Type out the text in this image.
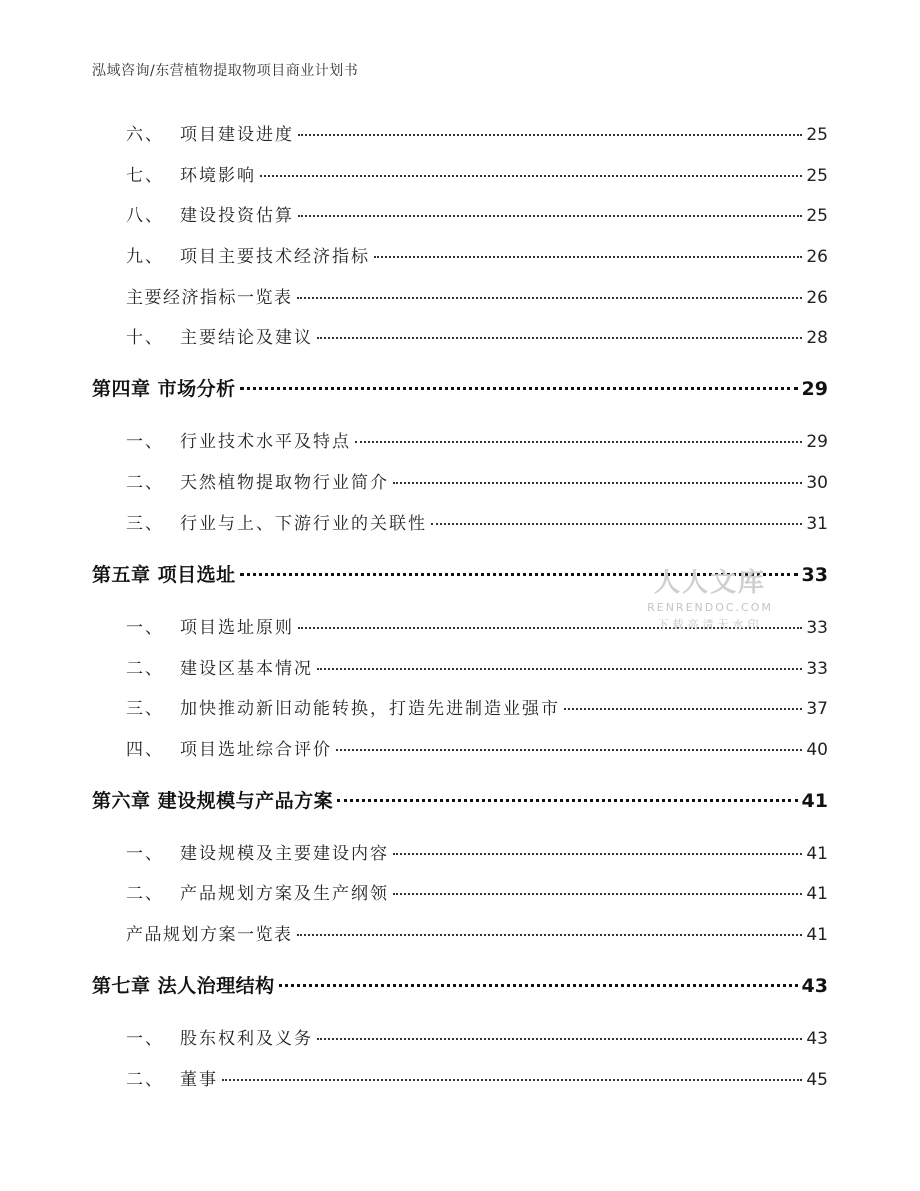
泓域咨询/东营植物提取物项目商业计划书
六、 项目建设进度	25
七、 环境影响	25
八、 建设投资估算	25
九、 项目主要技术经济指标	26
主要经济指标一览表	26
十、 主要结论及建议	28
第四章 市场分析	29
一、 行业技术水平及特点	29
二、 天然植物提取物行业简介	30
三、 行业与上、下游行业的关联性	31
第五章 项目选址	33
一、 项目选址原则	33
二、 建设区基本情况	33
三、 加快推动新旧动能转换，打造先进制造业强市	37
四、 项目选址综合评价	40
第六章 建设规模与产品方案	41
一、 建设规模及主要建设内容	41
二、 产品规划方案及生产纲领	41
产品规划方案一览表	41
第七章 法人治理结构	43
一、 股东权利及义务	43
二、 董事	45
人人文库
RENRENDOC.COM
下载高清无水印
